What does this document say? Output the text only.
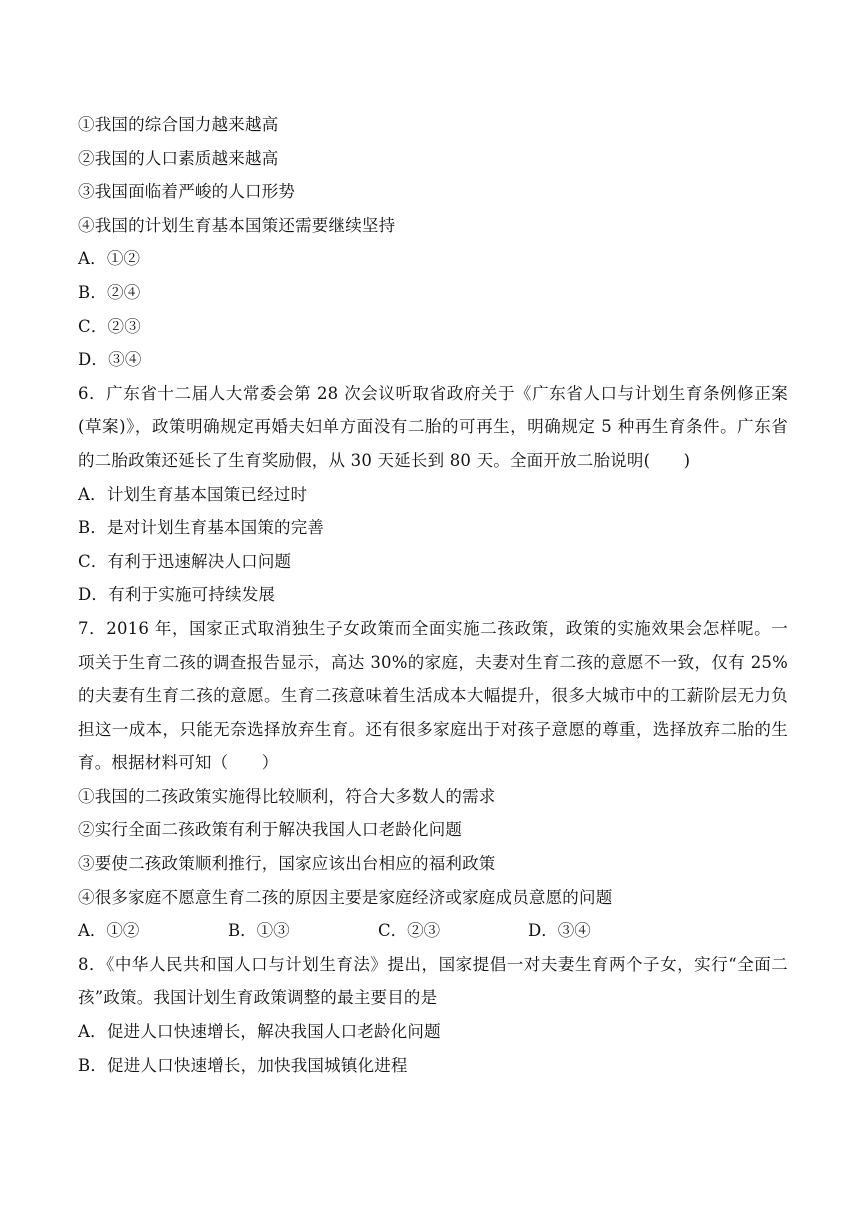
①我国的综合国力越来越高
②我国的人口素质越来越高
③我国面临着严峻的人口形势
④我国的计划生育基本国策还需要继续坚持
A．①②
B．②④
C．②③
D．③④
6．广东省十二届人大常委会第 28 次会议听取省政府关于《广东省人口与计划生育条例修正案(草案)》，政策明确规定再婚夫妇单方面没有二胎的可再生，明确规定 5 种再生育条件。广东省的二胎政策还延长了生育奖励假，从 30 天延长到 80 天。全面开放二胎说明(　　)
A．计划生育基本国策已经过时
B．是对计划生育基本国策的完善
C．有利于迅速解决人口问题
D．有利于实施可持续发展
7．2016 年，国家正式取消独生子女政策而全面实施二孩政策，政策的实施效果会怎样呢。一项关于生育二孩的调查报告显示，高达 30%的家庭，夫妻对生育二孩的意愿不一致，仅有 25%的夫妻有生育二孩的意愿。生育二孩意味着生活成本大幅提升，很多大城市中的工薪阶层无力负担这一成本，只能无奈选择放弃生育。还有很多家庭出于对孩子意愿的尊重，选择放弃二胎的生育。根据材料可知（　　）
①我国的二孩政策实施得比较顺利，符合大多数人的需求
②实行全面二孩政策有利于解决我国人口老龄化问题
③要使二孩政策顺利推行，国家应该出台相应的福利政策
④很多家庭不愿意生育二孩的原因主要是家庭经济或家庭成员意愿的问题
A．①②	B．①③	C．②③	D．③④
8．《中华人民共和国人口与计划生育法》提出，国家提倡一对夫妻生育两个子女，实行“全面二孩”政策。我国计划生育政策调整的最主要目的是
A．促进人口快速增长，解决我国人口老龄化问题
B．促进人口快速增长，加快我国城镇化进程
